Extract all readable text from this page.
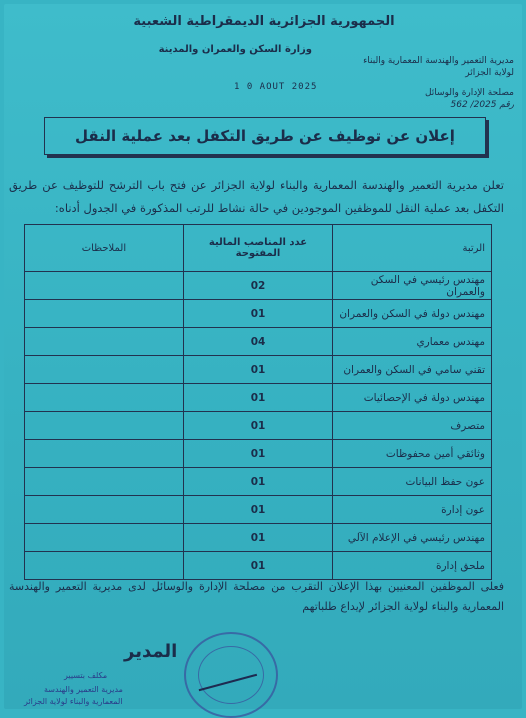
الجمهورية الجزائرية الديمقراطية الشعبية
وزارة السكن والعمران والمدينة
مديرية التعمير والهندسة المعمارية والبناء
لولاية الجزائر
1 0 AOUT 2025
مصلحة الإدارة والوسائل
رقم 2025/ 562
إعلان عن توظيف عن طريق التكفل بعد عملية النقل
تعلن مديرية التعمير والهندسة المعمارية والبناء لولاية الجزائر عن فتح باب الترشح للتوظيف عن طريق التكفل بعد عملية النقل للموظفين الموجودين في حالة نشاط للرتب المذكورة في الجدول أدناه:
الرتبة	عدد المناصب المالية المفتوحة	الملاحظات
مهندس رئيسي في السكن والعمران	02	
مهندس دولة في السكن والعمران	01	
مهندس معماري	04	
تقني سامي في السكن والعمران	01	
مهندس دولة في الإحصائيات	01	
متصرف	01	
وثائقي أمين محفوظات	01	
عون حفظ البيانات	01	
عون إدارة	01	
مهندس رئيسي في الإعلام الآلي	01	
ملحق إدارة	01	
فعلى الموظفين المعنيين بهذا الإعلان التقرب من مصلحة الإدارة والوسائل لدى مديرية التعمير والهندسة المعمارية والبناء لولاية الجزائر لإيداع طلباتهم
المدير
مكلف بتسيير
مديرية التعمير والهندسة
المعمارية والبناء لولاية الجزائر
